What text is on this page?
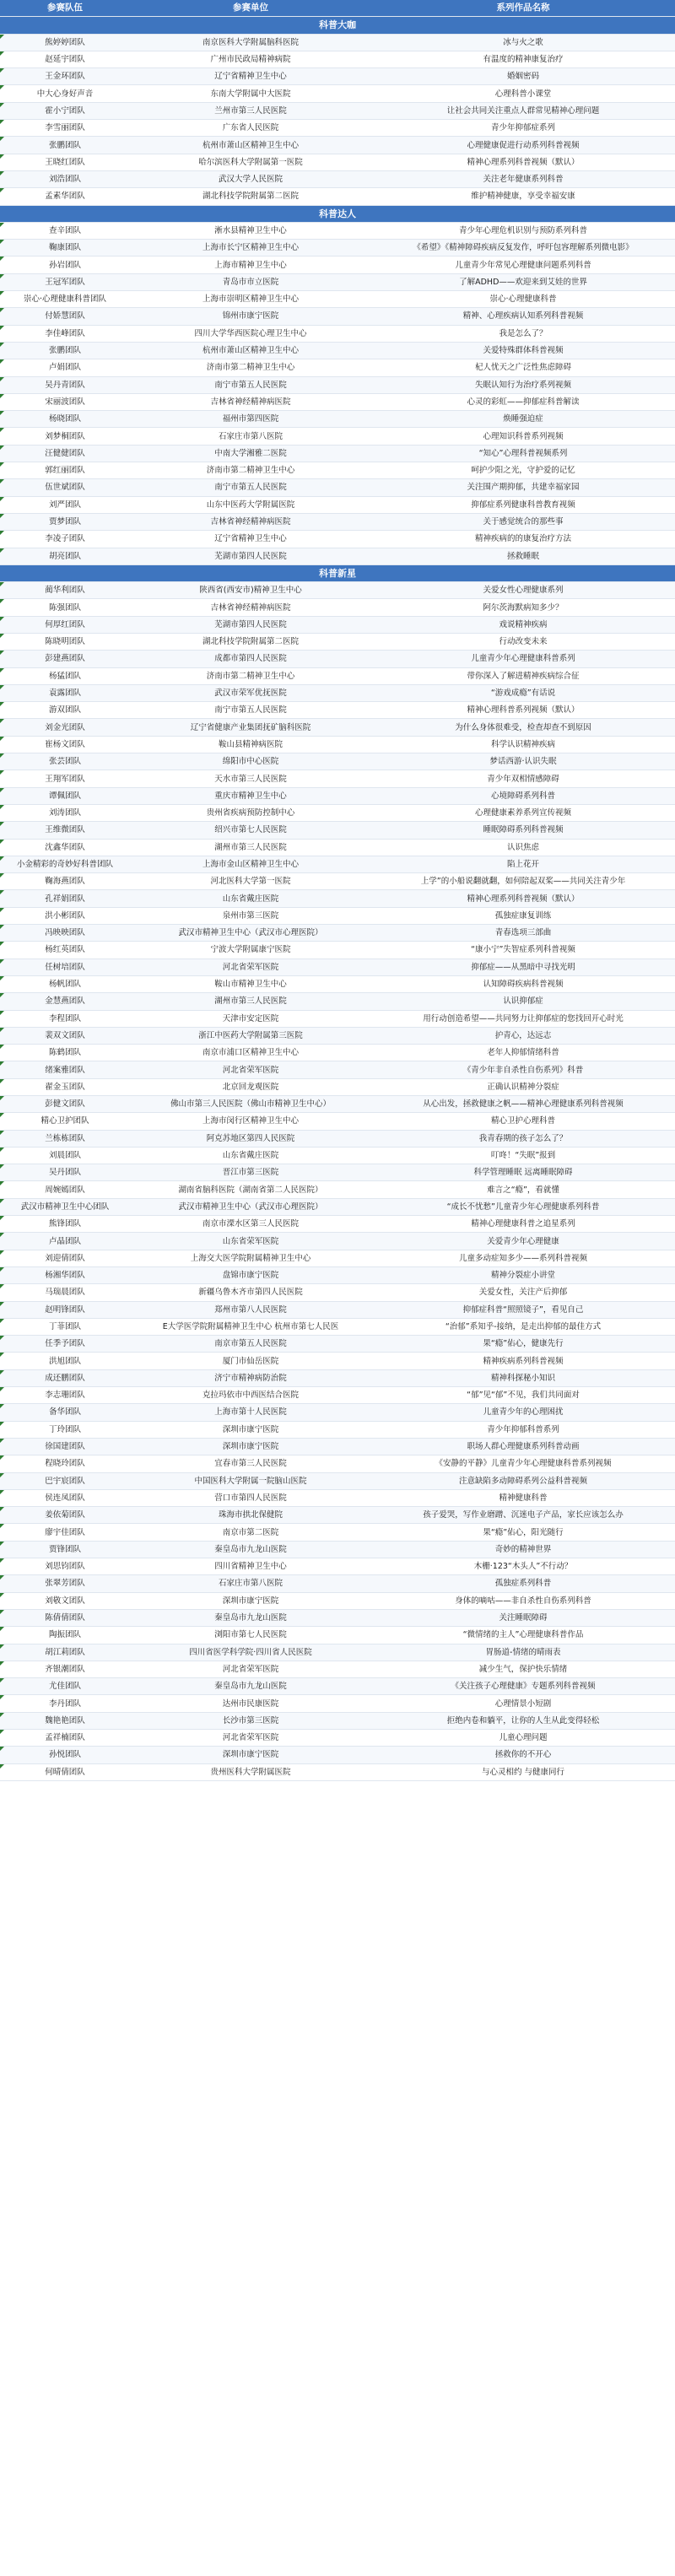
参赛队伍	参赛单位	系列作品名称
科普大咖		
熊婷婷团队	南京医科大学附属脑科医院	冰与火之歌
赵延宇团队	广州市民政局精神病院	有温度的精神康复治疗
王金环团队	辽宁省精神卫生中心	婚姻密码
中大心身好声音	东南大学附属中大医院	心理科普小课堂
霍小宁团队	兰州市第三人民医院	让社会共同关注重点人群常见精神心理问题
李雪丽团队	广东省人民医院	青少年抑郁症系列
张鹏团队	杭州市萧山区精神卫生中心	心理健康促进行动系列科普视频
王晓红团队	哈尔滨医科大学附属第一医院	精神心理系列科普视频（默认）
刘浩团队	武汉大学人民医院	关注老年健康系列科普
孟素华团队	湖北科技学院附属第二医院	维护精神健康，享受幸福安康
科普达人		
查辛团队	淅水县精神卫生中心	青少年心理危机识别与预防系列科普
鞠康团队	上海市长宁区精神卫生中心	《希望》《精神障碍疾病反复发作，呼吁包容理解系列微电影》
孙岩团队	上海市精神卫生中心	儿童青少年常见心理健康问题系列科普
王冠军团队	青岛市市立医院	了解ADHD——欢迎来到艾娃的世界
崇心·心理健康科普团队	上海市崇明区精神卫生中心	崇心·心理健康科普
付娇慧团队	锦州市康宁医院	精神、心理疾病认知系列科普视频
李佳峰团队	四川大学华西医院心理卫生中心	我是怎么了？
张鹏团队	杭州市萧山区精神卫生中心	关爱特殊群体科普视频
卢娟团队	济南市第二精神卫生中心	杞人忧天之广泛性焦虑障碍
吴丹青团队	南宁市第五人民医院	失眠认知行为治疗系列视频
宋丽波团队	吉林省神经精神病医院	心灵的彩虹——抑郁症科普解读
杨晓团队	福州市第四医院	焕睡强迫症
刘梦桐团队	石家庄市第八医院	心理知识科普系列视频
汪健健团队	中南大学湘雅二医院	“知心”心理科普视频系列
郭红丽团队	济南市第二精神卫生中心	呵护少阳之光，守护爱的记忆
伍世斌团队	南宁市第五人民医院	关注围产期抑郁，共建幸福家园
刘严团队	山东中医药大学附属医院	抑郁症系列健康科普教育视频
贾梦团队	吉林省神经精神病医院	关于感觉统合的那些事
李凌子团队	辽宁省精神卫生中心	精神疾病的的康复治疗方法
胡亮团队	芜湖市第四人民医院	拯救睡眠
科普新星		
蔺华利团队	陕西省(西安市)精神卫生中心	关爱女性心理健康系列
陈强团队	吉林省神经精神病医院	阿尔茨海默病知多少？
何厚红团队	芜湖市第四人民医院	戏说精神疾病
陈晓明团队	湖北科技学院附属第二医院	行动改变未来
彭建燕团队	成都市第四人民医院	儿童青少年心理健康科普系列
杨猛团队	济南市第二精神卫生中心	带你深入了解进精神疾病综合征
袁露团队	武汉市荣军优抚医院	“游戏成瘾”有话说
游双团队	南宁市第五人民医院	精神心理科普系列视频（默认）
刘金光团队	辽宁省健康产业集团抚矿脑科医院	为什么身体很难受，检查却查不到原因
崔杨文团队	鞍山县精神病医院	科学认识精神疾病
张芸团队	绵阳市中心医院	梦话西游·认识失眠
王翔军团队	天水市第三人民医院	青少年双相情感障碍
谭佩团队	重庆市精神卫生中心	心境障碍系列科普
刘涛团队	贵州省疾病预防控制中心	心理健康素养系列宣传视频
王维微团队	绍兴市第七人民医院	睡眠障碍系列科普视频
沈鑫华团队	湖州市第三人民医院	认识焦虑
小金精彩的奇妙好科普团队	上海市金山区精神卫生中心	陷上花开
鞠海燕团队	河北医科大学第一医院	上学”的小船说翻就翻，如何陪起双桨——共同关注青少年
孔祥娟团队	山东省戴庄医院	精神心理系列科普视频（默认）
洪小彬团队	泉州市第三医院	孤独症康复训练
冯映映团队	武汉市精神卫生中心（武汉市心理医院）	青春选项三部曲
杨红英团队	宁波大学附属康宁医院	“康小宁”失智症系列科普视频
任树培团队	河北省荣军医院	抑郁症——从黑暗中寻找光明
杨帆团队	鞍山市精神卫生中心	认知障碍疾病科普视频
金慧燕团队	湖州市第三人民医院	认识抑郁症
李程团队	天津市安定医院	用行动创造希望——共同努力让抑郁症的您找回开心时光
裴双文团队	浙江中医药大学附属第三医院	护青心，达远志
陈鹤团队	南京市浦口区精神卫生中心	老年人抑郁情绪科普
绪案雅团队	河北省荣军医院	《青少年非自杀性自伤系列》科普
翟金玉团队	北京回龙观医院	正确认识精神分裂症
彭健文团队	佛山市第三人民医院（佛山市精神卫生中心）	从心出发，拯救健康之帆——精神心理健康系列科普视频
精心卫护团队	上海市闵行区精神卫生中心	精心卫护心理科普
兰栋栋团队	阿克苏地区第四人民医院	我青春期的孩子怎么了？
刘晨团队	山东省戴庄医院	叮咚！“失眠”报到
吴丹团队	晋江市第三医院	科学管理睡眠 远离睡眠障碍
周婉嫣团队	湖南省脑科医院（湖南省第二人民医院）	难言之“瘾”，看就懂
武汉市精神卫生中心团队	武汉市精神卫生中心（武汉市心理医院）	“成长不忧愁”儿童青少年心理健康系列科普
熊锋团队	南京市溧水区第三人民医院	精神心理健康科普之追星系列
卢晶团队	山东省荣军医院	关爱青少年心理健康
刘迎倩团队	上海交大医学院附属精神卫生中心	儿童多动症知多少——系列科普视频
杨湘华团队	盘锦市康宁医院	精神分裂症小讲堂
马瑞晨团队	新疆乌鲁木齐市第四人民医院	关爱女性，关注产后抑郁
赵明锋团队	郑州市第八人民医院	抑郁症科普“照照镜子”，看见自己
丁菲团队	E大学医学院附属精神卫生中心 杭州市第七人民医	“治郁”系知乎-接纳，是走出抑郁的最佳方式
任季予团队	南京市第五人民医院	果“瘾”佑心，健康先行
洪旭团队	厦门市仙岳医院	精神疾病系列科普视频
成还鹏团队	济宁市精神病防治院	精神科探秘小知识
李志珊团队	克拉玛依市中西医结合医院	“郁”见“郁”不见，我们共同面对
备华团队	上海市第十人民医院	儿童青少年的心理困扰
丁玲团队	深圳市康宁医院	青少年抑郁科普系列
徐国建团队	深圳市康宁医院	职场人群心理健康系列科普动画
程晓玲团队	宜春市第三人民医院	《安静的平静》儿童青少年心理健康科普系列视频
巴宇宸团队	中国医科大学附属一院脑山医院	注意缺陷多动障碍系列公益科普视频
侯连凤团队	营口市第四人民医院	精神健康科普
姜依菊团队	珠海市拱北保健院	孩子爱哭，写作业磨蹭、沉迷电子产品，家长应该怎么办
廖宇佳团队	南京市第二医院	果“瘾”佑心，阳光随行
贾锋团队	秦皇岛市九龙山医院	奇妙的精神世界
刘思钧团队	四川省精神卫生中心	木栅·123“木头人”不行动？
张翠芳团队	石家庄市第八医院	孤独症系列科普
刘敬文团队	深圳市康宁医院	身体的嘀咕——非自杀性自伤系列科普
陈倩倩团队	秦皇岛市九龙山医院	关注睡眠障碍
陶振团队	浏阳市第七人民医院	“微情绪的主人”心理健康科普作品
胡江莉团队	四川省医学科学院·四川省人民医院	胃肠道-情绪的晴雨表
齐银潮团队	河北省荣军医院	减少生气，保护快乐情绪
尤佳团队	秦皇岛市九龙山医院	《关注孩子心理健康》专题系列科普视频
李丹团队	达州市民康医院	心理情景小短剧
魏艳艳团队	长沙市第三医院	拒绝内卷和躺平，让你的人生从此变得轻松
孟祥楠团队	河北省荣军医院	儿童心理问题
孙悦团队	深圳市康宁医院	拯救你的不开心
何晴倩团队	贵州医科大学附属医院	与心灵相约 与健康同行
